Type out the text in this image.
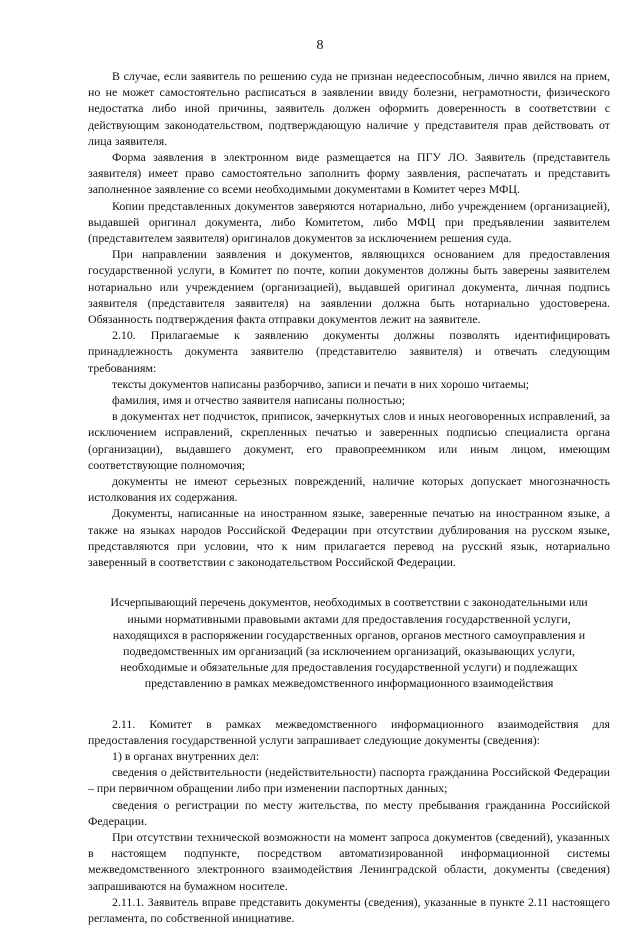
8

В случае, если заявитель по решению суда не признан недееспособным, лично явился на прием, но не может самостоятельно расписаться в заявлении ввиду болезни, неграмотности, физического недостатка либо иной причины, заявитель должен оформить доверенность в соответствии с действующим законодательством, подтверждающую наличие у представителя прав действовать от лица заявителя.

Форма заявления в электронном виде размещается на ПГУ ЛО. Заявитель (представитель заявителя) имеет право самостоятельно заполнить форму заявления, распечатать и представить заполненное заявление со всеми необходимыми документами в Комитет через МФЦ.

Копии представленных документов заверяются нотариально, либо учреждением (организацией), выдавшей оригинал документа, либо Комитетом, либо МФЦ при предъявлении заявителем (представителем заявителя) оригиналов документов за исключением решения суда.

При направлении заявления и документов, являющихся основанием для предоставления государственной услуги, в Комитет по почте, копии документов должны быть заверены заявителем нотариально или учреждением (организацией), выдавшей оригинал документа, личная подпись заявителя (представителя заявителя) на заявлении должна быть нотариально удостоверена. Обязанность подтверждения факта отправки документов лежит на заявителе.

2.10. Прилагаемые к заявлению документы должны позволять идентифицировать принадлежность документа заявителю (представителю заявителя) и отвечать следующим требованиям:

тексты документов написаны разборчиво, записи и печати в них хорошо читаемы;

фамилия, имя и отчество заявителя написаны полностью;

в документах нет подчисток, приписок, зачеркнутых слов и иных неоговоренных исправлений, за исключением исправлений, скрепленных печатью и заверенных подписью специалиста органа (организации), выдавшего документ, его правопреемником или иным лицом, имеющим соответствующие полномочия;

документы не имеют серьезных повреждений, наличие которых допускает многозначность истолкования их содержания.

Документы, написанные на иностранном языке, заверенные печатью на иностранном языке, а также на языках народов Российской Федерации при отсутствии дублирования на русском языке, представляются при условии, что к ним прилагается перевод на русский язык, нотариально заверенный в соответствии с законодательством Российской Федерации.

Исчерпывающий перечень документов, необходимых в соответствии с законодательными или иными нормативными правовыми актами для предоставления государственной услуги, находящихся в распоряжении государственных органов, органов местного самоуправления и подведомственных им организаций (за исключением организаций, оказывающих услуги, необходимые и обязательные для предоставления государственной услуги) и подлежащих представлению в рамках межведомственного информационного взаимодействия

2.11. Комитет в рамках межведомственного информационного взаимодействия для предоставления государственной услуги запрашивает следующие документы (сведения):

1) в органах внутренних дел:

сведения о действительности (недействительности) паспорта гражданина Российской Федерации – при первичном обращении либо при изменении паспортных данных;

сведения о регистрации по месту жительства, по месту пребывания гражданина Российской Федерации.

При отсутствии технической возможности на момент запроса документов (сведений), указанных в настоящем подпункте, посредством автоматизированной информационной системы межведомственного электронного взаимодействия Ленинградской области, документы (сведения) запрашиваются на бумажном носителе.

2.11.1. Заявитель вправе представить документы (сведения), указанные в пункте 2.11 настоящего регламента, по собственной инициативе.
